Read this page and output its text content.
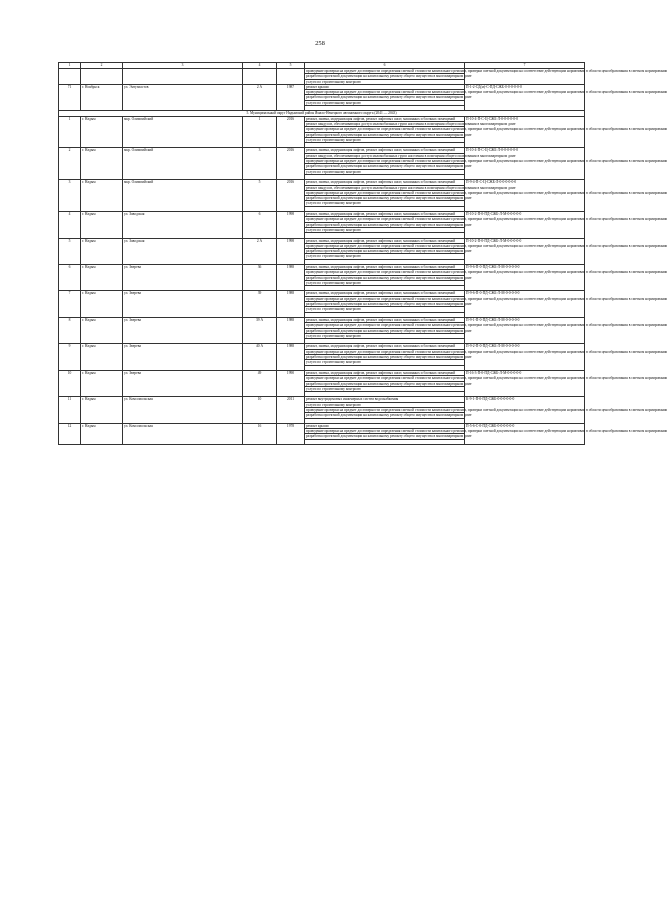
258
1	2	3	4	5	6	7
					проведение проверки на предмет достоверности определения сметной стоимости капитального ремонта, проверки сметной документации на соответствие действующим нормативам в области ценообразования в сметном нормировании	
					разработка проектной документации на капитальному ремонту общего имущества в многоквартирном доме	
					услуги по строительному контролю	
71	г. Ноябрьск	ул. Энтузиастов	2 А	1987	ремонт крыши	П-1-2-СД(м)-С-ПД-СЖБ-0-0-0-0-0-0
					проведение проверки на предмет достоверности определения сметной стоимости капитального ремонта, проверки сметной документации на соответствие действующим нормативам в области ценообразования в сметном нормировании	
					разработка проектной документации на капитальному ремонту общего имущества в многоквартирном доме	
					услуги по строительному контролю	

5. Муниципальный округ Надымский район Ямало-Ненецкого автономного округа (2041 — 2043)						
1	г. Надым	мкр. Олимпийский	1	2016	ремонт, замена, модернизация лифтов, ремонт лифтовых шахт, машинных и блочных помещений	П-10-4-П-С-Ц-СЖБ-Л-0-0-0-0-0-0
					ремонт пандусов, обеспечивающих доступ маломобильных групп населения в помещения общего пользования в многоквартирном доме	
					проведение проверки на предмет достоверности определения сметной стоимости капитального ремонта, проверки сметной документации на соответствие действующим нормативам в области ценообразования в сметном нормировании	
					разработка проектной документации на капитальному ремонту общего имущества в многоквартирном доме	
					услуги по строительному контролю	

2	г. Надым	мкр. Олимпийский	3	2016	ремонт, замена, модернизация лифтов, ремонт лифтовых шахт, машинных и блочных помещений	П-10-4-П-С-Ц-СЖБ-Л-0-0-0-0-0-0
					ремонт пандусов, обеспечивающих доступ маломобильных групп населения в помещения общего пользования в многоквартирном доме	
					проведение проверки на предмет достоверности определения сметной стоимости капитального ремонта, проверки сметной документации на соответствие действующим нормативам в области ценообразования в сметном нормировании	
					разработка проектной документации на капитальному ремонту общего имущества в многоквартирном доме	
					услуги по строительному контролю	

3	г. Надым	мкр. Олимпийский	5	2016	ремонт, замена, модернизация лифтов, ремонт лифтовых шахт, машинных и блочных помещений	П-9-4-П-С-Ц-СЖБ-Л-0-0-0-0-0-0
					ремонт пандусов, обеспечивающих доступ маломобильных групп населения в помещения общего пользования в многоквартирном доме	
					проведение проверки на предмет достоверности определения сметной стоимости капитального ремонта, проверки сметной документации на соответствие действующим нормативам в области ценообразования в сметном нормировании	
					разработка проектной документации на капитальному ремонту общего имущества в многоквартирном доме	
					услуги по строительному контролю	

4	г. Надым	ул. Заводская	6	1998	ремонт, замена, модернизация лифтов, ремонт лифтовых шахт, машинных и блочных помещений	П-10-2-П-0-ПД-СЖБ-Л-М-0-0-0-0-0
					проведение проверки на предмет достоверности определения сметной стоимости капитального ремонта, проверки сметной документации на соответствие действующим нормативам в области ценообразования в сметном нормировании	
					разработка проектной документации на капитальному ремонту общего имущества в многоквартирном доме	
					услуги по строительному контролю	

5	г. Надым	ул. Заводская	2 А	1998	ремонт, замена, модернизация лифтов, ремонт лифтовых шахт, машинных и блочных помещений	П-10-2-П-0-ПД-СЖБ-Л-М-0-0-0-0-0
					проведение проверки на предмет достоверности определения сметной стоимости капитального ремонта, проверки сметной документации на соответствие действующим нормативам в области ценообразования в сметном нормировании	
					разработка проектной документации на капитальному ремонту общего имущества в многоквартирном доме	
					услуги по строительному контролю	

6	г. Надым	ул. Зверева	36	1988	ремонт, замена, модернизация лифтов, ремонт лифтовых шахт, машинных и блочных помещений	П-9-6-П-0-ПД-СЖБ-Л-М-0-0-0-0-0
					проведение проверки на предмет достоверности определения сметной стоимости капитального ремонта, проверки сметной документации на соответствие действующим нормативам в области ценообразования в сметном нормировании	
					разработка проектной документации на капитальному ремонту общего имущества в многоквартирном доме	
					услуги по строительному контролю	

7	г. Надым	ул. Зверева	39	1988	ремонт, замена, модернизация лифтов, ремонт лифтовых шахт, машинных и блочных помещений	П-9-6-П-0-ПД-СЖБ-Л-М-0-0-0-0-0
					проведение проверки на предмет достоверности определения сметной стоимости капитального ремонта, проверки сметной документации на соответствие действующим нормативам в области ценообразования в сметном нормировании	
					разработка проектной документации на капитальному ремонту общего имущества в многоквартирном доме	
					услуги по строительному контролю	

8	г. Надым	ул. Зверева	39 А	1988	ремонт, замена, модернизация лифтов, ремонт лифтовых шахт, машинных и блочных помещений	П-9-1-П-0-ПД-СЖБ-Л-М-0-0-0-0-0
					проведение проверки на предмет достоверности определения сметной стоимости капитального ремонта, проверки сметной документации на соответствие действующим нормативам в области ценообразования в сметном нормировании	
					разработка проектной документации на капитальному ремонту общего имущества в многоквартирном доме	
					услуги по строительному контролю	

9	г. Надым	ул. Зверева	40 А	1988	ремонт, замена, модернизация лифтов, ремонт лифтовых шахт, машинных и блочных помещений	П-9-2-П-0-ПД-СЖБ-Л-М-0-0-0-0-0
					проведение проверки на предмет достоверности определения сметной стоимости капитального ремонта, проверки сметной документации на соответствие действующим нормативам в области ценообразования в сметном нормировании	
					разработка проектной документации на капитальному ремонту общего имущества в многоквартирном доме	
					услуги по строительному контролю	

10	г. Надым	ул. Зверева	49	1990	ремонт, замена, модернизация лифтов, ремонт лифтовых шахт, машинных и блочных помещений	П-16-3-П-0-ПД-СЖБ-Л-М-0-0-0-0-0
					проведение проверки на предмет достоверности определения сметной стоимости капитального ремонта, проверки сметной документации на соответствие действующим нормативам в области ценообразования в сметном нормировании	
					разработка проектной документации на капитальному ремонту общего имущества в многоквартирном доме	
					услуги по строительному контролю	

11	г. Надым	ул. Комсомольская	10	2011	ремонт внутридомовых инженерных систем водоснабжения	К-9-1-П-0-ПД-СЖБ-0-0-0-0-0-0
					услуги по строительному контролю	
					проведение проверки на предмет достоверности определения сметной стоимости капитального ремонта, проверки сметной документации на соответствие действующим нормативам в области ценообразования в сметном нормировании	
					разработка проектной документации на капитальному ремонту общего имущества в многоквартирном доме	

12	г. Надым	ул. Комсомольская	16	1978	ремонт крыши	П-5-6-С-0-ПД-СЖБ-0-0-0-0-0-0
					проведение проверки на предмет достоверности определения сметной стоимости капитального ремонта, проверки сметной документации на соответствие действующим нормативам в области ценообразования в сметном нормировании	
					разработка проектной документации на капитальному ремонту общего имущества в многоквартирном доме	
